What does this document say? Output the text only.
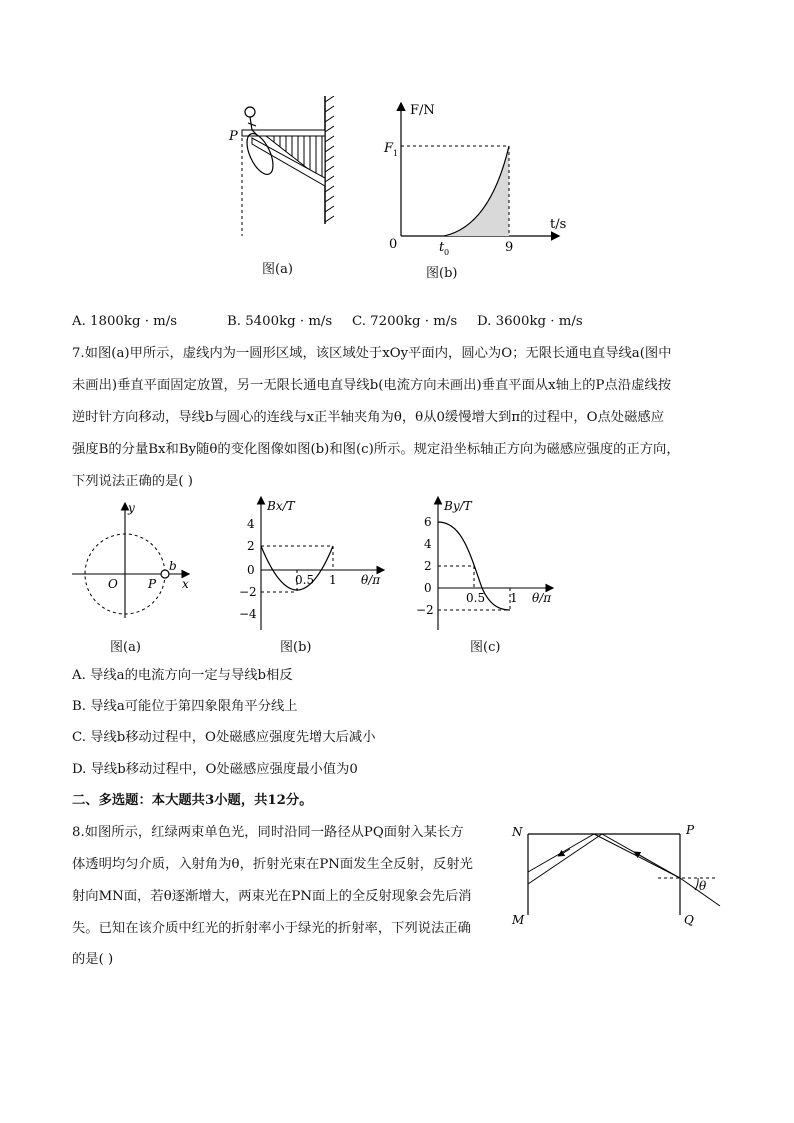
P
图(a)
F/N
t/s
F 1
0	t 0	9
图(b)
A. 1800kg · m/s	B. 5400kg · m/s C. 7200kg · m/s D. 3600kg · m/s
7.如图(a)甲所示，虚线内为一圆形区域，该区域处于xOy平面内，圆心为O；无限长通电直导线a(图中
未画出)垂直平面固定放置，另一无限长通电直导线b(电流方向未画出)垂直平面从x轴上的P点沿虚线按
逆时针方向移动，导线b与圆心的连线与x正半轴夹角为θ，θ从0缓慢增大到π的过程中，O点处磁感应
强度B的分量Bx和By随θ的变化图像如图(b)和图(c)所示。规定沿坐标轴正方向为磁感应强度的正方向，
下列说法正确的是( )
y
x
O	P
b
图(a)
Bx/T
θ/π
4
2
0
−2
−4
0.5 1
图(b)
By/T
θ/π
6
4
2
0
−2
0.5 1
图(c)
A. 导线a的电流方向一定与导线b相反
B. 导线a可能位于第四象限角平分线上
C. 导线b移动过程中，O处磁感应强度先增大后减小
D. 导线b移动过程中，O处磁感应强度最小值为0
二、多选题：本大题共3小题，共12分。
8.如图所示，红绿两束单色光，同时沿同一路径从PQ面射入某长方
体透明均匀介质，入射角为θ，折射光束在PN面发生全反射，反射光
射向MN面，若θ逐渐增大，两束光在PN面上的全反射现象会先后消
失。已知在该介质中红光的折射率小于绿光的折射率，下列说法正确
的是( )
N	P
M	Q
θ
